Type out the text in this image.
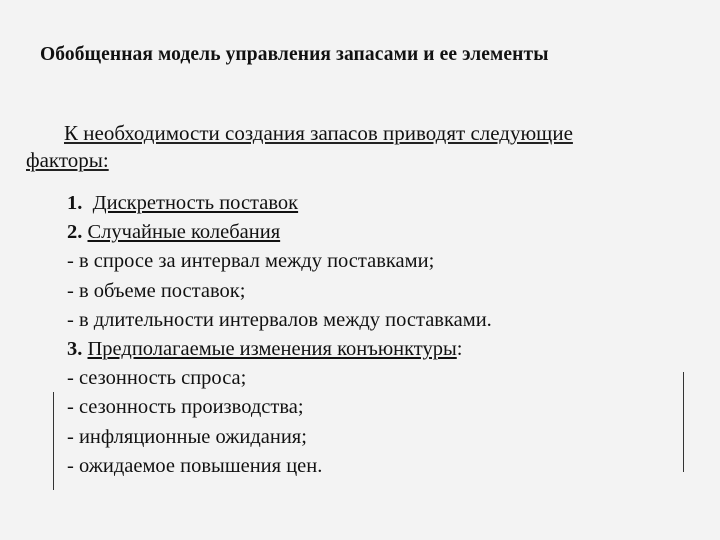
Обобщенная модель управления запасами и ее элементы
К необходимости создания запасов приводят следующие
факторы:
1. Дискретность поставок
2. Случайные колебания
- в спросе за интервал между поставками;
- в объеме поставок;
- в длительности интервалов между поставками.
3. Предполагаемые изменения конъюнктуры:
- сезонность спроса;
- сезонность производства;
- инфляционные ожидания;
- ожидаемое повышения цен.
